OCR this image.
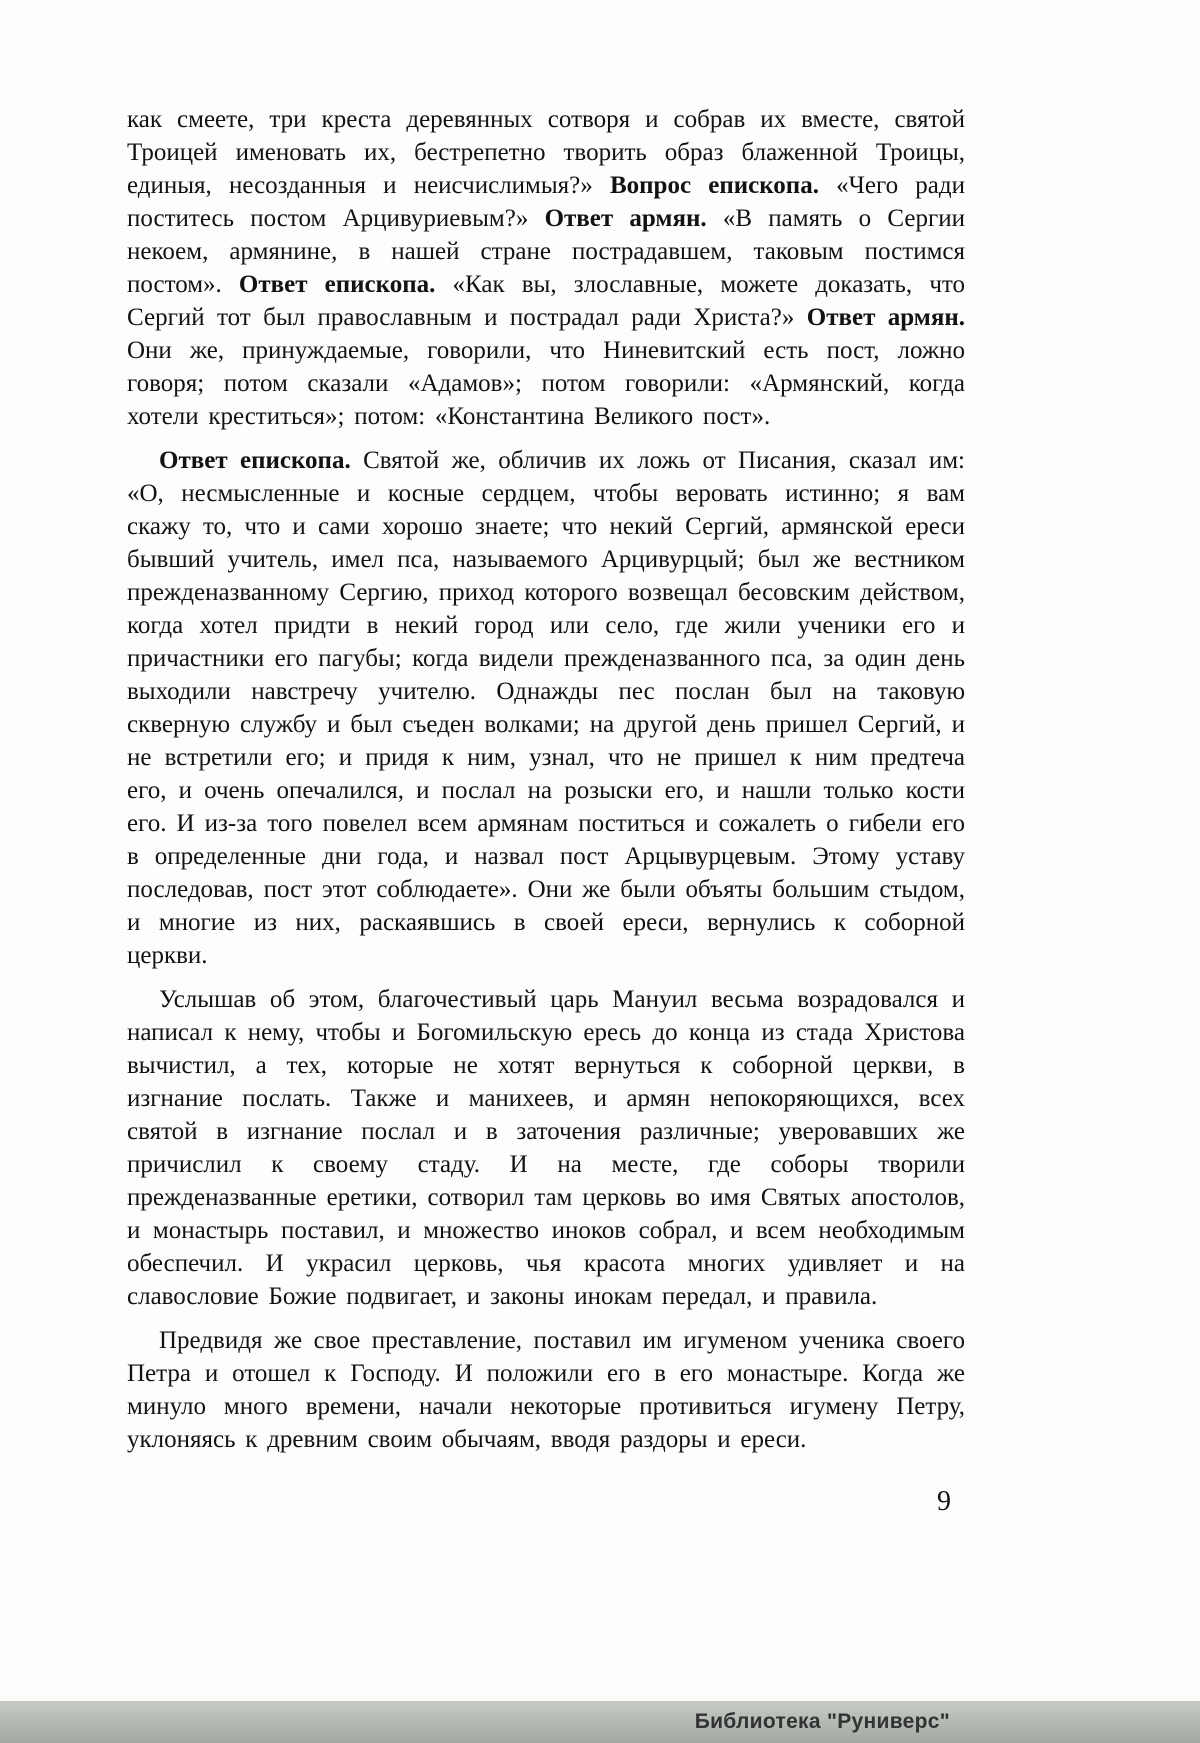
как смеете, три креста деревянных сотворя и собрав их вместе, святой Троицей именовать их, бестрепетно творить образ блаженной Троицы, единыя, несозданныя и неисчислимыя?» Вопрос епископа. «Чего ради поститесь постом Арцивуриевым?» Ответ армян. «В память о Сергии некоем, армянине, в нашей стране пострадавшем, таковым постимся постом». Ответ епископа. «Как вы, злославные, можете доказать, что Сергий тот был православным и пострадал ради Христа?» Ответ армян. Они же, принуждаемые, говорили, что Ниневитский есть пост, ложно говоря; потом сказали «Адамов»; потом говорили: «Армянский, когда хотели креститься»; потом: «Константина Великого пост».

Ответ епископа. Святой же, обличив их ложь от Писания, сказал им: «О, несмысленные и косные сердцем, чтобы веровать истинно; я вам скажу то, что и сами хорошо знаете; что некий Сергий, армянской ереси бывший учитель, имел пса, называемого Арцивурцый; был же вестником прежденазванному Сергию, приход которого возвещал бесовским действом, когда хотел придти в некий город или село, где жили ученики его и причастники его пагубы; когда видели прежденазванного пса, за один день выходили навстречу учителю. Однажды пес послан был на таковую скверную службу и был съеден волками; на другой день пришел Сергий, и не встретили его; и придя к ним, узнал, что не пришел к ним предтеча его, и очень опечалился, и послал на розыски его, и нашли только кости его. И из-за того повелел всем армянам поститься и сожалеть о гибели его в определенные дни года, и назвал пост Арцывурцевым. Этому уставу последовав, пост этот соблюдаете». Они же были объяты большим стыдом, и многие из них, раскаявшись в своей ереси, вернулись к соборной церкви.

Услышав об этом, благочестивый царь Мануил весьма возрадовался и написал к нему, чтобы и Богомильскую ересь до конца из стада Христова вычистил, а тех, которые не хотят вернуться к соборной церкви, в изгнание послать. Также и манихеев, и армян непокоряющихся, всех святой в изгнание послал и в заточения различные; уверовавших же причислил к своему стаду. И на месте, где соборы творили прежденазванные еретики, сотворил там церковь во имя Святых апостолов, и монастырь поставил, и множество иноков собрал, и всем необходимым обеспечил. И украсил церковь, чья красота многих удивляет и на славословие Божие подвигает, и законы инокам передал, и правила.

Предвидя же свое преставление, поставил им игуменом ученика своего Петра и отошел к Господу. И положили его в его монастыре. Когда же минуло много времени, начали некоторые противиться игумену Петру, уклоняясь к древним своим обычаям, вводя раздоры и ереси.

9
Библиотека "Руниверс"
